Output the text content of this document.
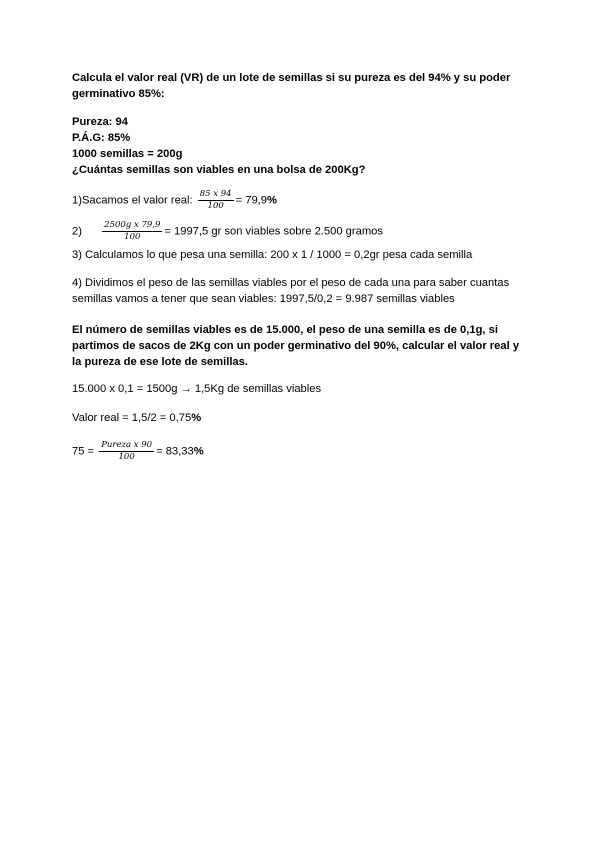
Calcula el valor real (VR) de un lote de semillas si su pureza es del 94% y su poder
germinativo 85%:
Pureza: 94
P.Á.G: 85%
1000 semillas = 200g
¿Cuántas semillas son viables en una bolsa de 200Kg?
1)Sacamos el valor real: $\frac{85 x 94}{100} = 79,9\%$
$2) \frac{\text{2500g x 79,9}}{100} = 1997,5$ gr son viables sobre 2.500 gramos
3) Calculamos lo que pesa una semilla: 200 x 1 / 1000 = 0,2gr pesa cada semilla
4) Dividimos el peso de las semillas viables por el peso de cada una para saber cuantas
semillas vamos a tener que sean viables: 1997,5/0,2 = 9.987 semillas viables
El número de semillas viables es de 15.000, el peso de una semilla es de 0,1g, si
partimos de sacos de 2Kg con un poder germinativo del 90%, calcular el valor real y
la pureza de ese lote de semillas.
15.000 x 0,1 = 1500g → 1,5Kg de semillas viables
Valor real = 1,5/2 = 0,75%
$75 = \frac{\text{Pureza x 90}}{100} = 83,33\%$
